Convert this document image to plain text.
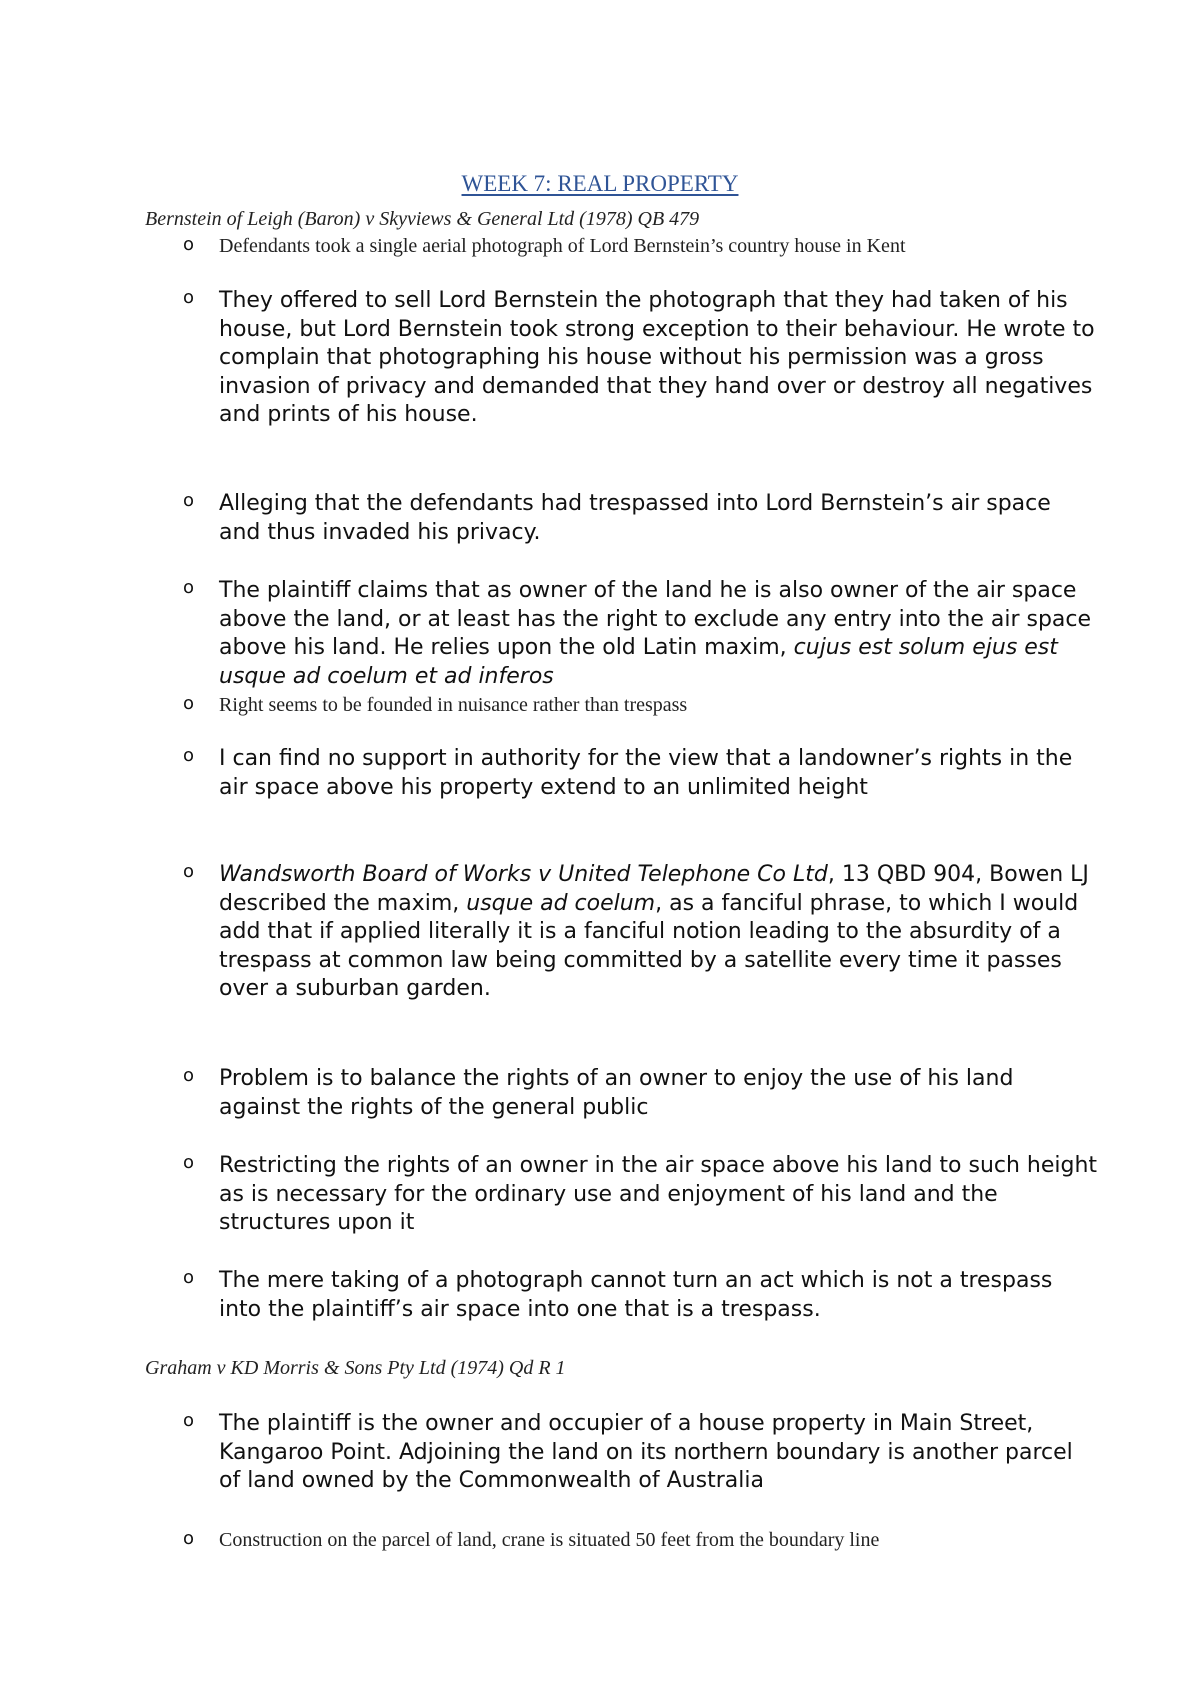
WEEK 7: REAL PROPERTY
Bernstein of Leigh (Baron) v Skyviews & General Ltd (1978) QB 479
o Defendants took a single aerial photograph of Lord Bernstein’s country house in Kent
o They offered to sell Lord Bernstein the photograph that they had taken of his house, but Lord Bernstein took strong exception to their behaviour. He wrote to complain that photographing his house without his permission was a gross invasion of privacy and demanded that they hand over or destroy all negatives and prints of his house.
o Alleging that the defendants had trespassed into Lord Bernstein’s air space and thus invaded his privacy.
o The plaintiff claims that as owner of the land he is also owner of the air space above the land, or at least has the right to exclude any entry into the air space above his land. He relies upon the old Latin maxim, cujus est solum ejus est usque ad coelum et ad inferos
o Right seems to be founded in nuisance rather than trespass
o I can find no support in authority for the view that a landowner’s rights in the air space above his property extend to an unlimited height
o Wandsworth Board of Works v United Telephone Co Ltd, 13 QBD 904, Bowen LJ described the maxim, usque ad coelum, as a fanciful phrase, to which I would add that if applied literally it is a fanciful notion leading to the absurdity of a trespass at common law being committed by a satellite every time it passes over a suburban garden.
o Problem is to balance the rights of an owner to enjoy the use of his land against the rights of the general public
o Restricting the rights of an owner in the air space above his land to such height as is necessary for the ordinary use and enjoyment of his land and the structures upon it
o The mere taking of a photograph cannot turn an act which is not a trespass into the plaintiff’s air space into one that is a trespass.
Graham v KD Morris & Sons Pty Ltd (1974) Qd R 1
o The plaintiff is the owner and occupier of a house property in Main Street, Kangaroo Point. Adjoining the land on its northern boundary is another parcel of land owned by the Commonwealth of Australia
o Construction on the parcel of land, crane is situated 50 feet from the boundary line
